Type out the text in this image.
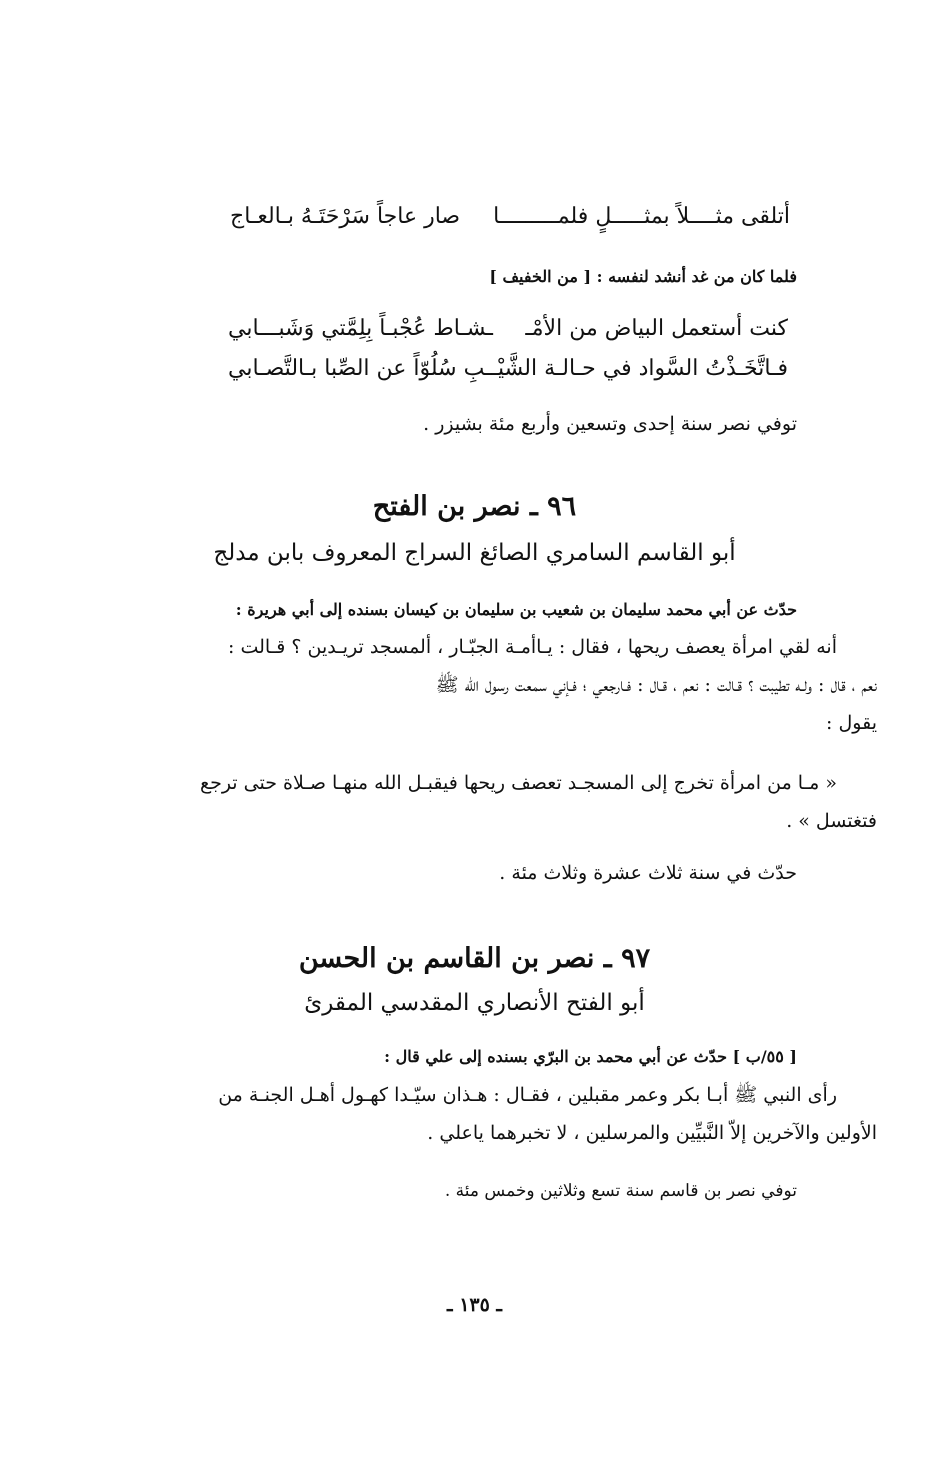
أتلقى مثــــلاً بمثـــــلٍ فلمـــــــــا
صار عاجاً سَرْحَتَـهُ بـالعـاج
فلما كان من غد أنشد لنفسه : [ من الخفيف ]
كنت أستعمل البياض من الأمْـ
ـشـاط عُجْبـاً بِلِمَّتي وَشَبـــابي
فـاتَّخَـذْتُ السَّواد في حـالـة الشَّيْـ
ـبِ سُلُوّاً عن الصِّبا بـالتَّصـابي
توفي نصر سنة إحدى وتسعين وأربع مئة بشيزر .
٩٦ ـ نصر بن الفتح
أبو القاسم السامري الصائغ السراج المعروف بابن مدلج
حدّث عن أبي محمد سليمان بن شعيب بن سليمان بن كيسان بسنده إلى أبي هريرة :
أنه لقي امرأة يعصف ريحها ، فقال : يـاأمـة الجبّـار ، ألمسجد تريـدين ؟ قـالت :
نعم ، قال : ولـه تطيبت ؟ قـالت : نعم ، قـال : فـارجعي ؛ فـإني سمعت رسول الله ﷺ
يقول :
« مـا من امرأة تخرج إلى المسجـد تعصف ريحها فيقبـل الله منهـا صـلاة حتى ترجع
فتغتسل » .
حدّث في سنة ثلاث عشرة وثلاث مئة .
٩٧ ـ نصر بن القاسم بن الحسن
أبو الفتح الأنصاري المقدسي المقرئ
[ ٥٥/ب ] حدّث عن أبي محمد بن البرّي بسنده إلى علي قال :
رأى النبي ﷺ أبـا بكر وعمر مقبلين ، فقـال : هـذان سيّـدا كهـول أهـل الجنـة من
الأولين والآخرين إلاّ النَّبيِّين والمرسلين ، لا تخبرهما ياعلي .
توفي نصر بن قاسم سنة تسع وثلاثين وخمس مئة .
ـ ١٣٥ ـ
